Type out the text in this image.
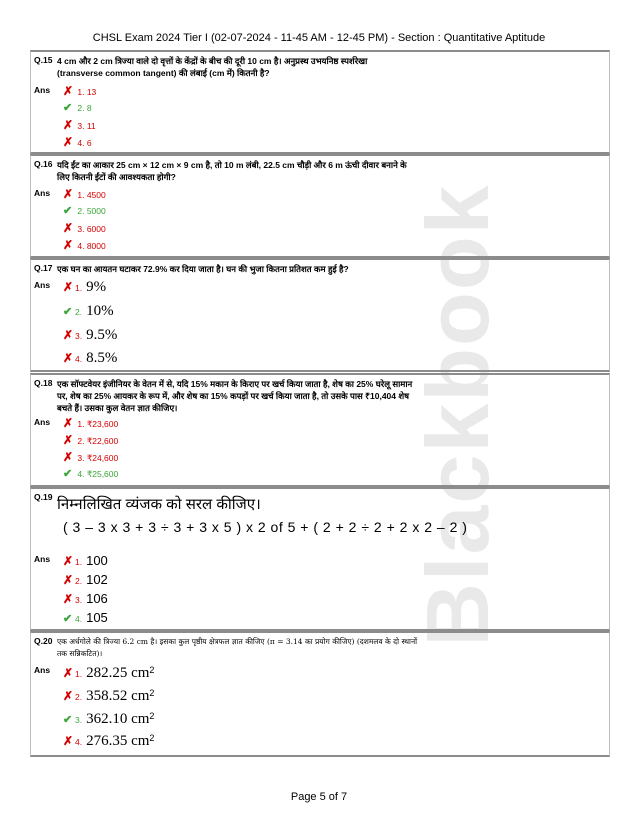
CHSL Exam 2024 Tier I (02-07-2024 - 11-45 AM - 12-45 PM) - Section : Quantitative Aptitude
Blackbook
Q.15 4 cm और 2 cm त्रिज्या वाले दो वृत्तों के केंद्रों के बीच की दूरी 10 cm है। अनुप्रस्थ उभयनिष्ठ स्पर्शरेखा (transverse common tangent) की लंबाई (cm में) कितनी है?
Ans ✗ 1. 13
✔ 2. 8
✗ 3. 11
✗ 4. 6
Q.16 यदि ईंट का आकार 25 cm × 12 cm × 9 cm है, तो 10 m लंबी, 22.5 cm चौड़ी और 6 m ऊंची दीवार बनाने के लिए कितनी ईंटों की आवश्यकता होगी?
Ans ✗ 1. 4500
✔ 2. 5000
✗ 3. 6000
✗ 4. 8000
Q.17 एक घन का आयतन घटाकर 72.9% कर दिया जाता है। घन की भुजा कितना प्रतिशत कम हुई है?
Ans ✗ 1. 9%
✔ 2. 10%
✗ 3. 9.5%
✗ 4. 8.5%
Q.18 एक सॉफ्टवेयर इंजीनियर के वेतन में से, यदि 15% मकान के किराए पर खर्च किया जाता है, शेष का 25% घरेलू सामान पर, शेष का 25% आयकर के रूप में, और शेष का 15% कपड़ों पर खर्च किया जाता है, तो उसके पास ₹10,404 शेष बचते हैं। उसका कुल वेतन ज्ञात कीजिए।
Ans ✗ 1. ₹23,600
✗ 2. ₹22,600
✗ 3. ₹24,600
✔ 4. ₹25,600
Q.19 निम्नलिखित व्यंजक को सरल कीजिए।
( 3 – 3 x 3 + 3 ÷ 3 + 3 x 5 ) x 2 of 5 + ( 2 + 2 ÷ 2 + 2 x 2 – 2 )
Ans ✗ 1. 100
✗ 2. 102
✗ 3. 106
✔ 4. 105
Q.20 एक अर्धगोले की त्रिज्या 6.2 cm है। इसका कुल पृष्ठीय क्षेत्रफल ज्ञात कीजिए (π = 3.14 का प्रयोग कीजिए) (दशमलव के दो स्थानों तक सन्निकटित)।
Ans ✗ 1. 282.25 $cm^2$
✗ 2. 358.52 $cm^2$
✔ 3. 362.10 $cm^2$
✗ 4. 276.35 $cm^2$
Page 5 of 7
